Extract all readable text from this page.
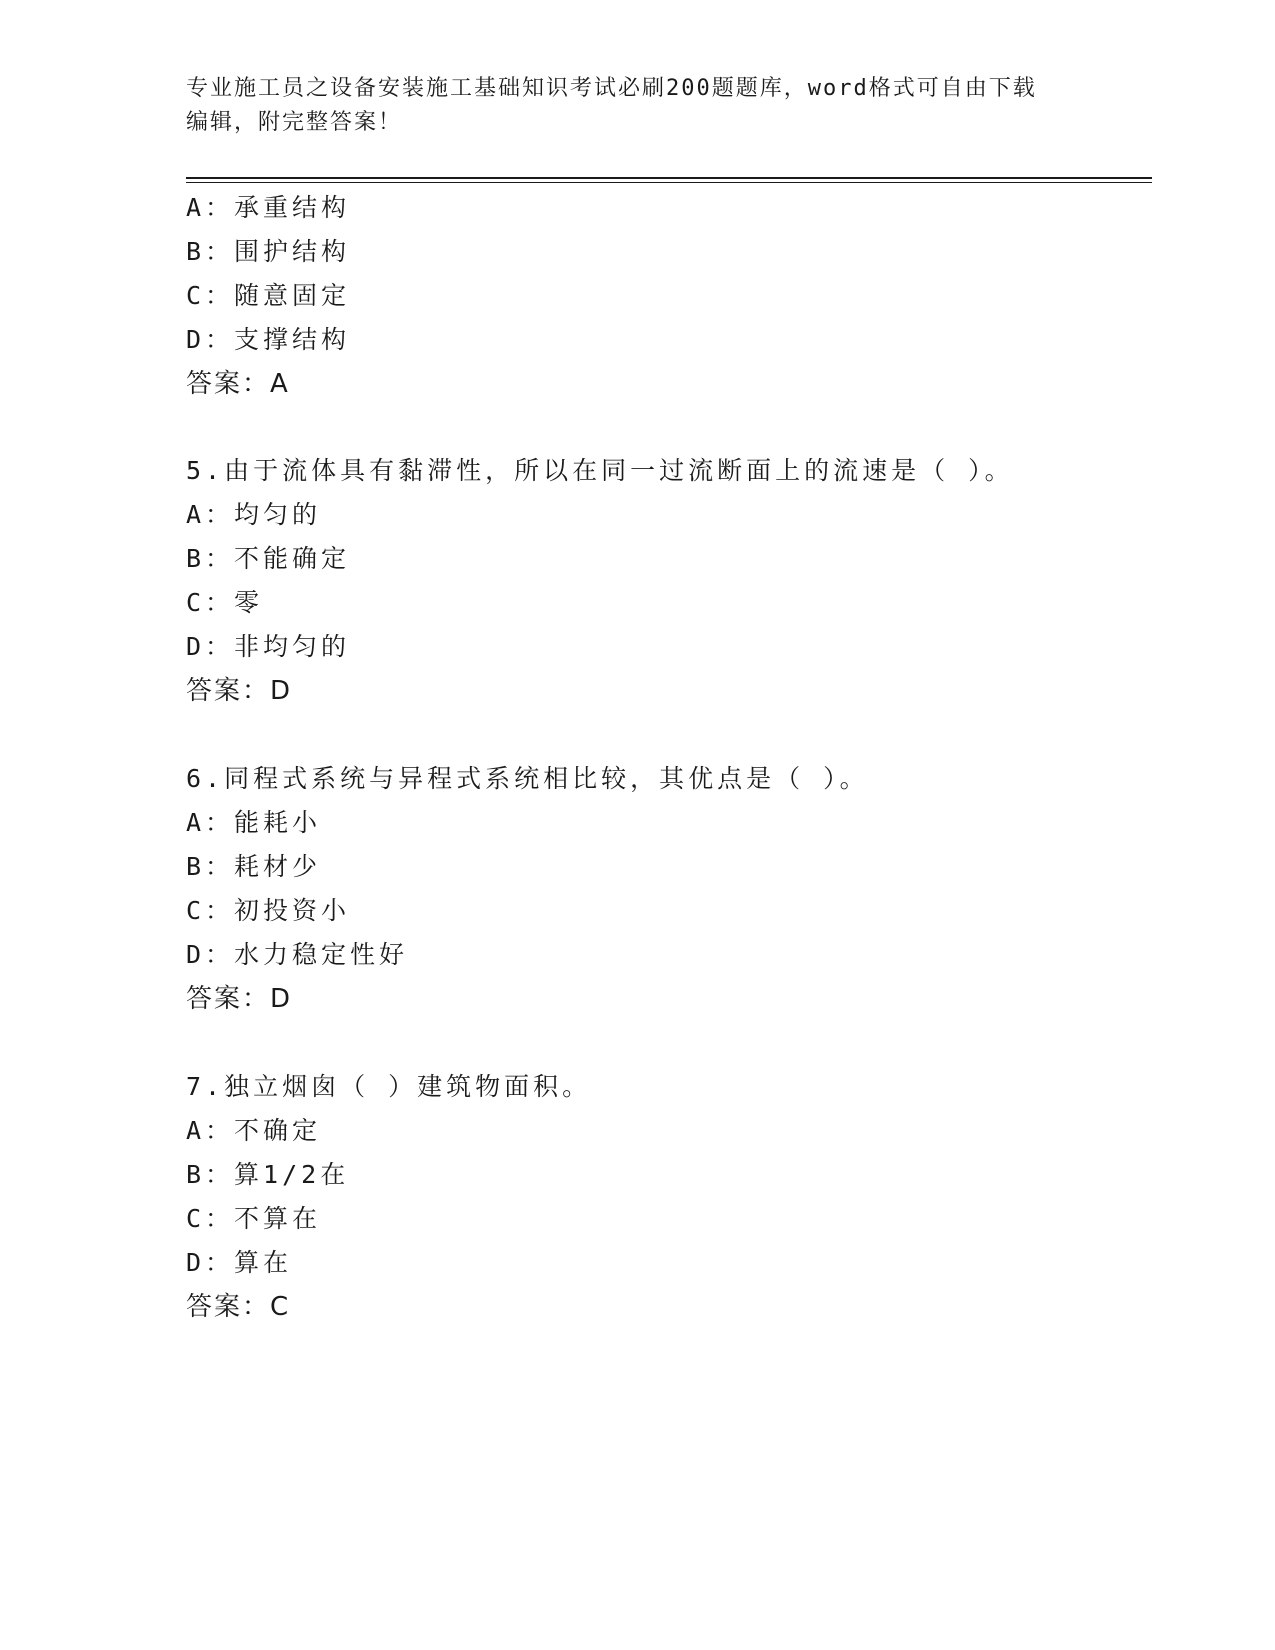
专业施工员之设备安装施工基础知识考试必刷200题题库，word格式可自由下载
编辑，附完整答案！
A：承重结构
B：围护结构
C：随意固定
D：支撑结构
答案：A
5.由于流体具有黏滞性，所以在同一过流断面上的流速是（ ）。
A：均匀的
B：不能确定
C：零
D：非均匀的
答案：D
6.同程式系统与异程式系统相比较，其优点是（ ）。
A：能耗小
B：耗材少
C：初投资小
D：水力稳定性好
答案：D
7.独立烟囱（ ）建筑物面积。
A：不确定
B：算1/2在
C：不算在
D：算在
答案：C
